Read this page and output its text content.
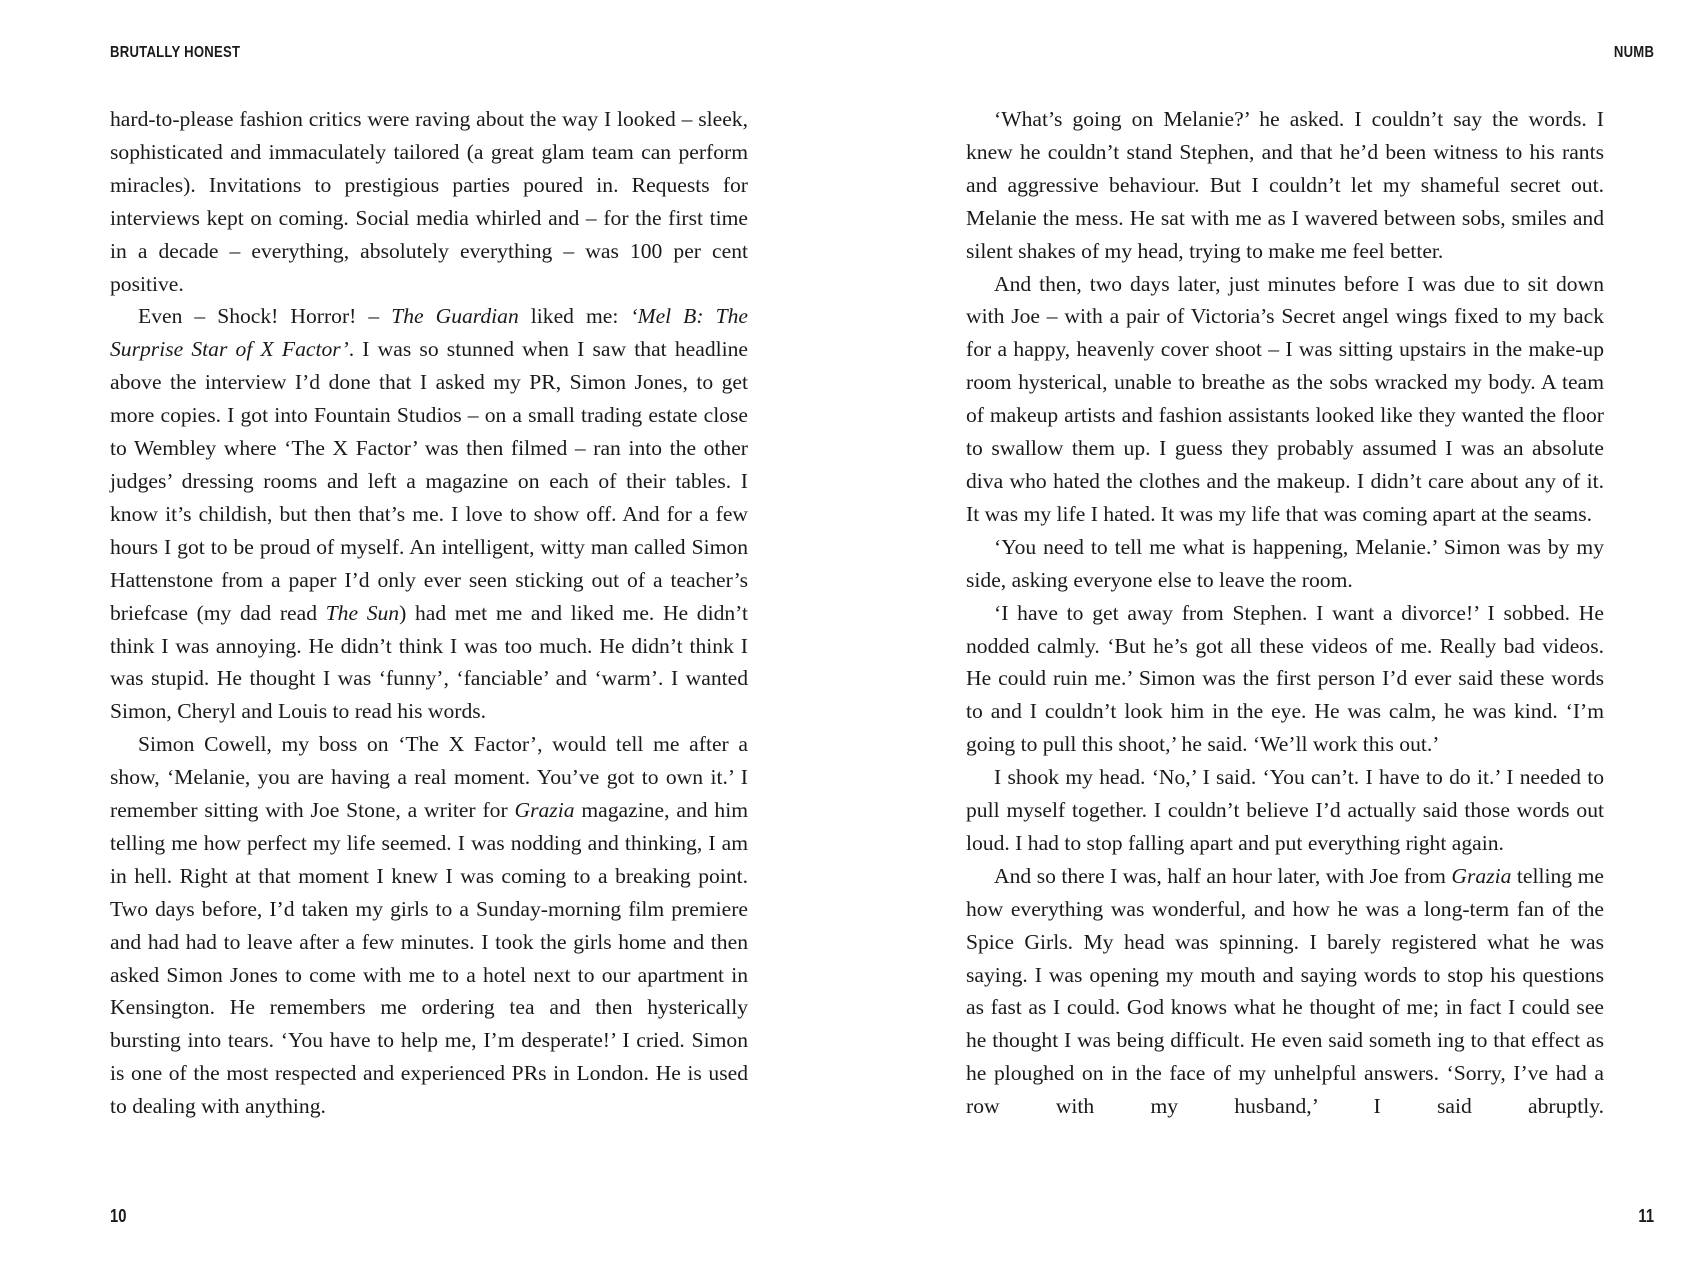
BRUTALLY HONEST

hard-to-please fashion critics were raving about the way I looked – sleek, sophisticated and immaculately tailored (a great glam team can perform miracles). Invitations to prestigious parties poured in. Requests for interviews kept on coming. Social media whirled and – for the first time in a decade – everything, absolutely everything – was 100 per cent positive.

Even – Shock! Horror! – The Guardian liked me: ‘Mel B: The Surprise Star of X Factor’. I was so stunned when I saw that headline above the interview I’d done that I asked my PR, Simon Jones, to get more copies. I got into Fountain Studios – on a small trading estate close to Wembley where ‘The X Factor’ was then filmed – ran into the other judges’ dressing rooms and left a magazine on each of their tables. I know it’s childish, but then that’s me. I love to show off. And for a few hours I got to be proud of myself. An intelligent, witty man called Simon Hattenstone from a paper I’d only ever seen sticking out of a teacher’s briefcase (my dad read The Sun) had met me and liked me. He didn’t think I was annoying. He didn’t think I was too much. He didn’t think I was stupid. He thought I was ‘funny’, ‘fanciable’ and ‘warm’. I wanted Simon, Cheryl and Louis to read his words.

Simon Cowell, my boss on ‘The X Factor’, would tell me after a show, ‘Melanie, you are having a real moment. You’ve got to own it.’ I remember sitting with Joe Stone, a writer for Grazia magazine, and him telling me how perfect my life seemed. I was nodding and thinking, I am in hell. Right at that moment I knew I was coming to a breaking point. Two days before, I’d taken my girls to a Sunday-morning film premiere and had had to leave after a few minutes. I took the girls home and then asked Simon Jones to come with me to a hotel next to our apartment in Kensington. He remembers me ordering tea and then hysterically bursting into tears. ‘You have to help me, I’m desperate!’ I cried. Simon is one of the most respected and experienced PRs in London. He is used to dealing with anything.

10
NUMB

‘What’s going on Melanie?’ he asked. I couldn’t say the words. I knew he couldn’t stand Stephen, and that he’d been witness to his rants and aggressive behaviour. But I couldn’t let my shameful secret out. Melanie the mess. He sat with me as I wavered between sobs, smiles and silent shakes of my head, trying to make me feel better.

And then, two days later, just minutes before I was due to sit down with Joe – with a pair of Victoria’s Secret angel wings fixed to my back for a happy, heavenly cover shoot – I was sitting upstairs in the make-up room hysterical, unable to breathe as the sobs wracked my body. A team of makeup artists and fashion assistants looked like they wanted the floor to swallow them up. I guess they probably assumed I was an absolute diva who hated the clothes and the makeup. I didn’t care about any of it. It was my life I hated. It was my life that was coming apart at the seams.

‘You need to tell me what is happening, Melanie.’ Simon was by my side, asking everyone else to leave the room.

‘I have to get away from Stephen. I want a divorce!’ I sobbed. He nodded calmly. ‘But he’s got all these videos of me. Really bad videos. He could ruin me.’ Simon was the first person I’d ever said these words to and I couldn’t look him in the eye. He was calm, he was kind. ‘I’m going to pull this shoot,’ he said. ‘We’ll work this out.’

I shook my head. ‘No,’ I said. ‘You can’t. I have to do it.’ I needed to pull myself together. I couldn’t believe I’d actually said those words out loud. I had to stop falling apart and put everything right again.

And so there I was, half an hour later, with Joe from Grazia telling me how everything was wonderful, and how he was a long-term fan of the Spice Girls. My head was spinning. I barely registered what he was saying. I was opening my mouth and saying words to stop his questions as fast as I could. God knows what he thought of me; in fact I could see he thought I was being difficult. He even said someth ing to that effect as he ploughed on in the face of my unhelpful answers. ‘Sorry, I’ve had a row with my husband,’ I said abruptly.

11
